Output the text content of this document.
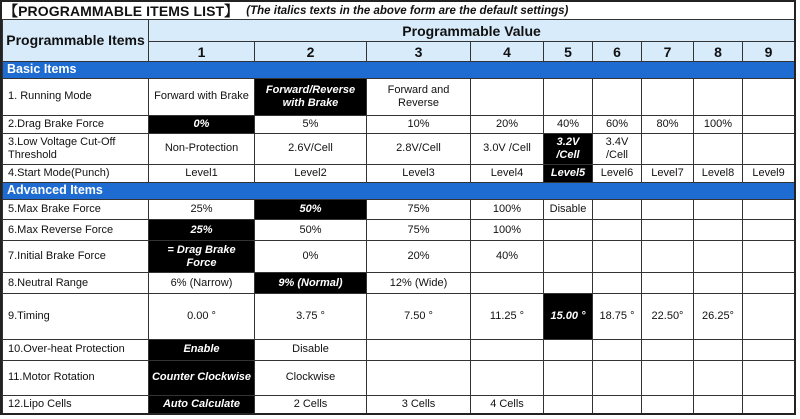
【PROGRAMMABLE ITEMS LIST】 (The italics texts in the above form are the default settings)
Programmable Items	Programmable Value								
	1	2	3	4	5	6	7	8	9
Basic Items									
1. Running Mode	Forward with Brake	Forward/Reverse with Brake	Forward and Reverse						
2.Drag Brake Force	0%	5%	10%	20%	40%	60%	80%	100%	
3.Low Voltage Cut-Off Threshold	Non-Protection	2.6V/Cell	2.8V/Cell	3.0V /Cell	3.2V /Cell	3.4V /Cell			
4.Start Mode(Punch)	Level1	Level2	Level3	Level4	Level5	Level6	Level7	Level8	Level9
Advanced Items									
5.Max Brake Force	25%	50%	75%	100%	Disable				
6.Max Reverse Force	25%	50%	75%	100%					
7.Initial Brake Force	= Drag Brake Force	0%	20%	40%					
8.Neutral Range	6% (Narrow)	9% (Normal)	12% (Wide)						
9.Timing	0.00 °	3.75 °	7.50 °	11.25 °	15.00 °	18.75 °	22.50°	26.25°	
10.Over-heat Protection	Enable	Disable							
11.Motor Rotation	Counter Clockwise	Clockwise							
12.Lipo Cells	Auto Calculate	2 Cells	3 Cells	4 Cells					
